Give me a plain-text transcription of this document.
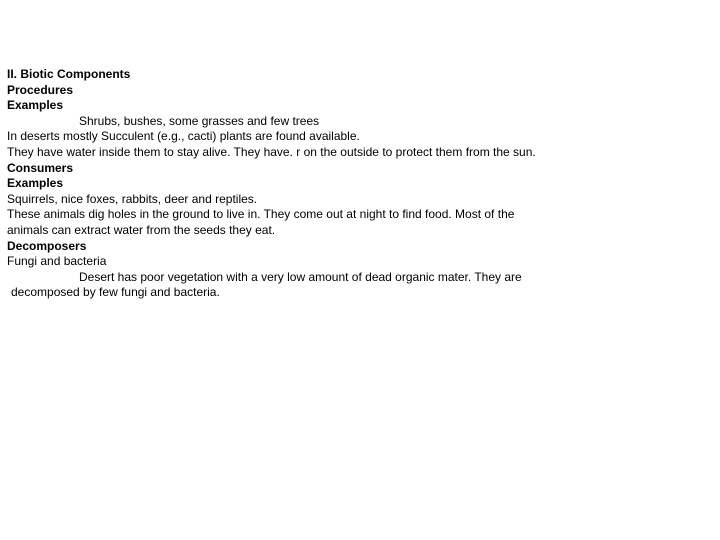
II. Biotic Components
Procedures
Examples
Shrubs, bushes, some grasses and few trees
In deserts mostly Succulent (e.g., cacti) plants are found available.
They have water inside them to stay alive. They have. r on the outside to protect them from the sun.
Consumers
Examples
Squirrels, nice foxes, rabbits, deer and reptiles.
These animals dig holes in the ground to live in. They come out at night to find food. Most of the
animals can extract water from the seeds they eat.
Decomposers
Fungi and bacteria
Desert has poor vegetation with a very low amount of dead organic mater. They are
decomposed by few fungi and bacteria.
